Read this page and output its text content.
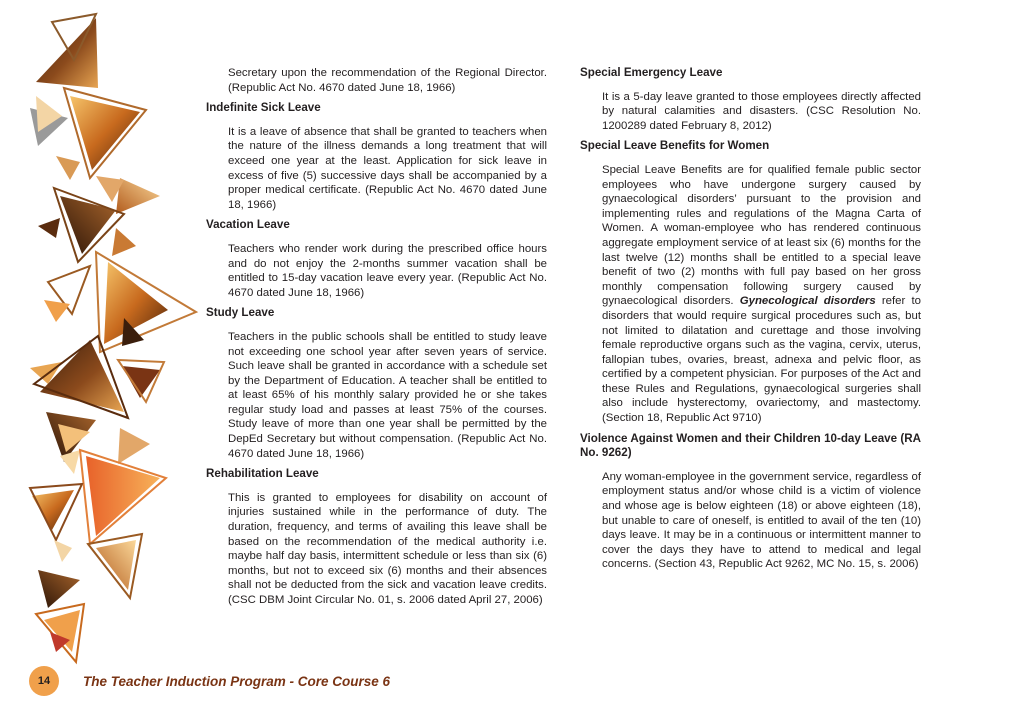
Secretary upon the recommendation of the Regional Director. (Republic Act No. 4670 dated June 18, 1966)

Indefinite Sick Leave

It is a leave of absence that shall be granted to teachers when the nature of the illness demands a long treatment that will exceed one year at the least. Application for sick leave in excess of five (5) successive days shall be accompanied by a proper medical certificate. (Republic Act No. 4670 dated June 18, 1966)

Vacation Leave

Teachers who render work during the prescribed office hours and do not enjoy the 2-months summer vacation shall be entitled to 15-day vacation leave every year. (Republic Act No. 4670 dated June 18, 1966)

Study Leave

Teachers in the public schools shall be entitled to study leave not exceeding one school year after seven years of service. Such leave shall be granted in accordance with a schedule set by the Department of Education. A teacher shall be entitled to at least 65% of his monthly salary provided he or she takes regular study load and passes at least 75% of the courses. Study leave of more than one year shall be permitted by the DepEd Secretary but without compensation. (Republic Act No. 4670 dated June 18, 1966)

Rehabilitation Leave

This is granted to employees for disability on account of injuries sustained while in the performance of duty. The duration, frequency, and terms of availing this leave shall be based on the recommendation of the medical authority i.e. maybe half day basis, intermittent schedule or less than six (6) months, but not to exceed six (6) months and their absences shall not be deducted from the sick and vacation leave credits. (CSC DBM Joint Circular No. 01, s. 2006 dated April 27, 2006)

Special Emergency Leave

It is a 5-day leave granted to those employees directly affected by natural calamities and disasters. (CSC Resolution No. 1200289 dated February 8, 2012)

Special Leave Benefits for Women

Special Leave Benefits are for qualified female public sector employees who have undergone surgery caused by gynaecological disorders’ pursuant to the provision and implementing rules and regulations of the Magna Carta of Women. A woman-employee who has rendered continuous aggregate employment service of at least six (6) months for the last twelve (12) months shall be entitled to a special leave benefit of two (2) months with full pay based on her gross monthly compensation following surgery caused by gynaecological disorders. Gynecological disorders refer to disorders that would require surgical procedures such as, but not limited to dilatation and curettage and those involving female reproductive organs such as the vagina, cervix, uterus, fallopian tubes, ovaries, breast, adnexa and pelvic floor, as certified by a competent physician. For purposes of the Act and these Rules and Regulations, gynaecological surgeries shall also include hysterectomy, ovariectomy, and mastectomy. (Section 18, Republic Act 9710)

Violence Against Women and their Children 10-day Leave (RA No. 9262)

Any woman-employee in the government service, regardless of employment status and/or whose child is a victim of violence and whose age is below eighteen (18) or above eighteen (18), but unable to care of oneself, is entitled to avail of the ten (10) days leave. It may be in a continuous or intermittent manner to cover the days they have to attend to medical and legal concerns. (Section 43, Republic Act 9262, MC No. 15, s. 2006)

14	The Teacher Induction Program - Core Course 6
